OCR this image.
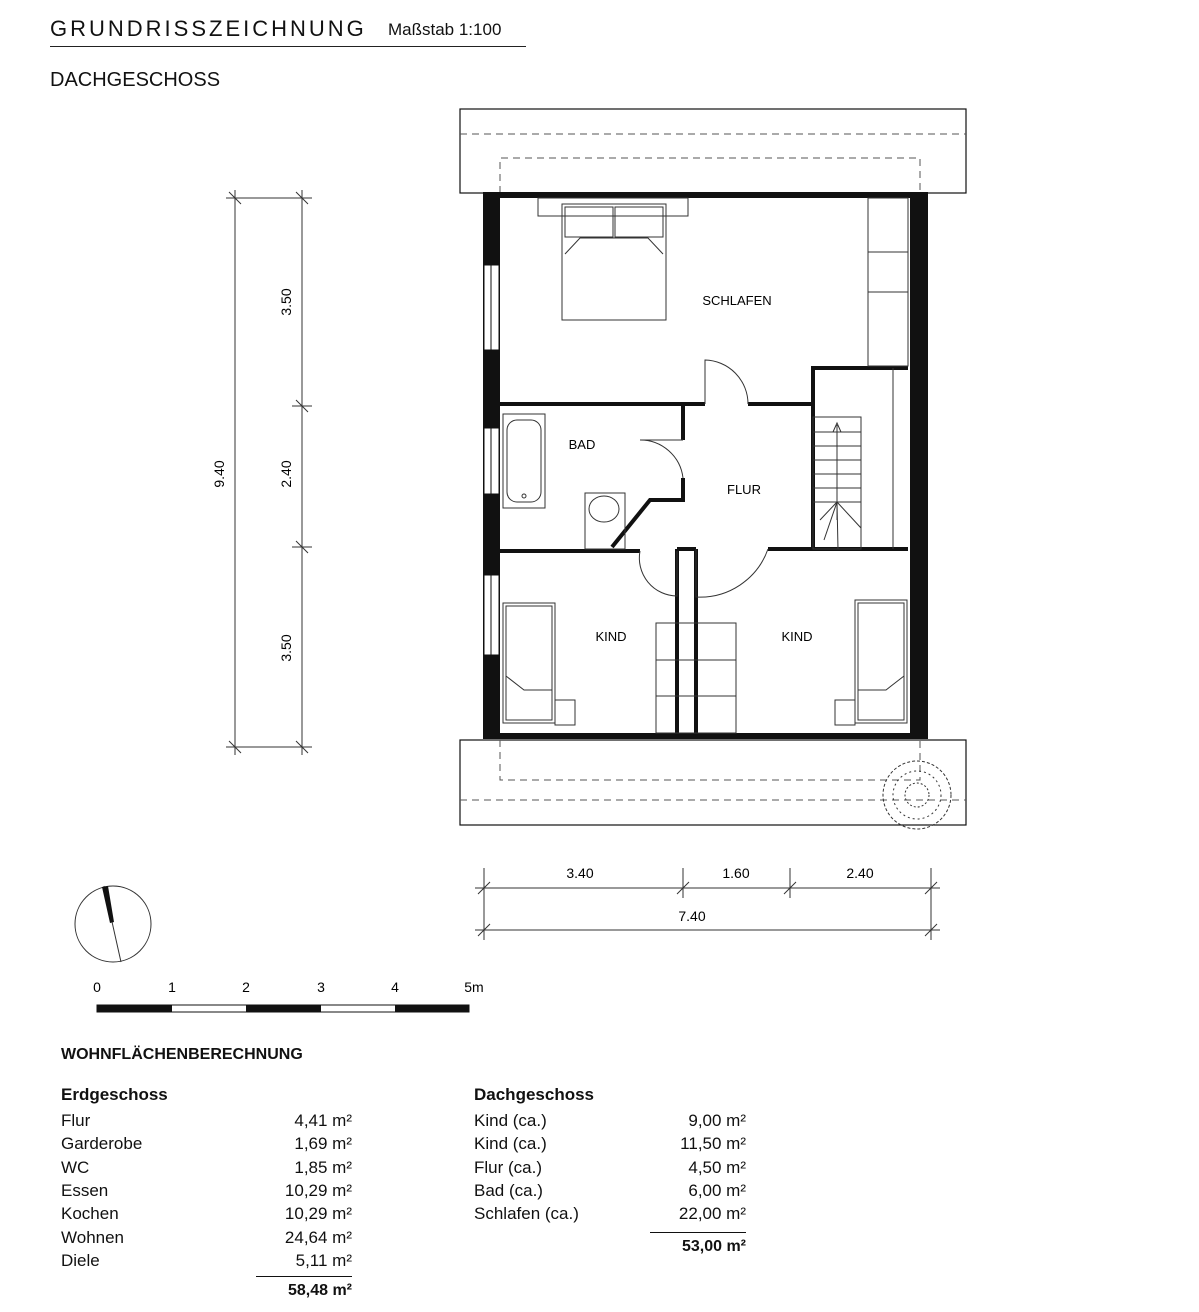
GRUNDRISSZEICHNUNG Maßstab 1:100
DACHGESCHOSS
SCHLAFEN
BAD
FLUR
KIND	KIND
3.50
2.40
3.50
9.40
3.40	1.60	2.40
7.40
0	1	2	3	4	5m
WOHNFLÄCHENBERECHNUNG
Erdgeschoss	Dachgeschoss
Flur	4,41 m²
Garderobe	1,69 m²
WC	1,85 m²
Essen	10,29 m²
Kochen	10,29 m²
Wohnen	24,64 m²
Diele	5,11 m²
Kind (ca.)	9,00 m²
Kind (ca.)	11,50 m²
Flur (ca.)	4,50 m²
Bad (ca.)	6,00 m²
Schlafen (ca.)	22,00 m²
58,48 m²
53,00 m²
